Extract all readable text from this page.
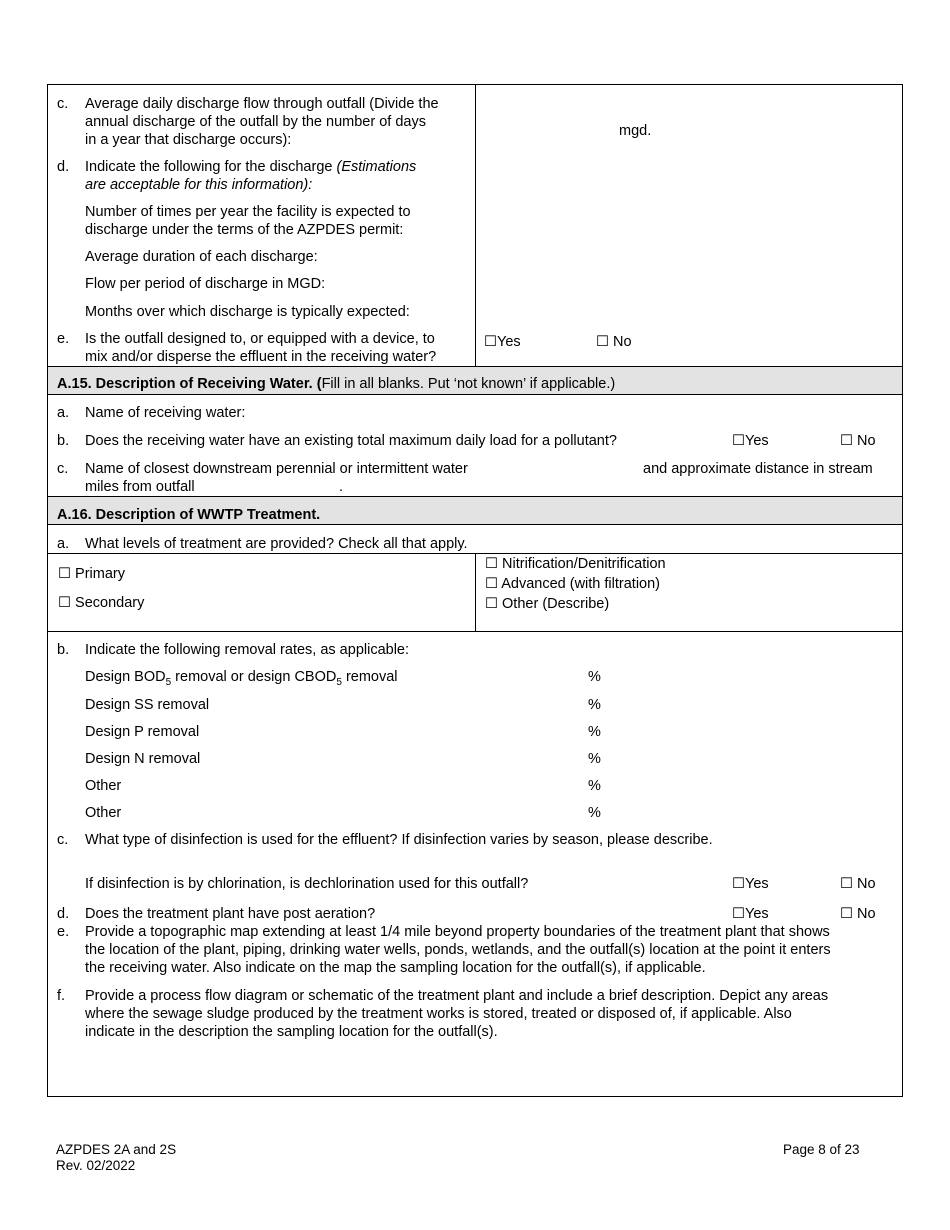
c. Average daily discharge flow through outfall (Divide the
annual discharge of the outfall by the number of days
in a year that discharge occurs):
mgd.
d. Indicate the following for the discharge (Estimations
are acceptable for this information):
Number of times per year the facility is expected to
discharge under the terms of the AZPDES permit:
Average duration of each discharge:
Flow per period of discharge in MGD:
Months over which discharge is typically expected:
e. Is the outfall designed to, or equipped with a device, to
mix and/or disperse the effluent in the receiving water?
☐Yes	☐ No
A.15. Description of Receiving Water. (Fill in all blanks. Put ‘not known’ if applicable.)
a. Name of receiving water:
b. Does the receiving water have an existing total maximum daily load for a pollutant?	☐Yes	☐ No
c. Name of closest downstream perennial or intermittent water	and approximate distance in stream
miles from outfall	.
A.16. Description of WWTP Treatment.
a. What levels of treatment are provided? Check all that apply.
☐ Primary
☐ Secondary
☐ Nitrification/Denitrification
☐ Advanced (with filtration)
☐ Other (Describe)
b. Indicate the following removal rates, as applicable:
Design $BOD_5$ removal or design $CBOD_5$ removal	%
Design SS removal	%
Design P removal	%
Design N removal	%
Other	%
Other	%
c. What type of disinfection is used for the effluent? If disinfection varies by season, please describe.
If disinfection is by chlorination, is dechlorination used for this outfall?	☐Yes	☐ No
d. Does the treatment plant have post aeration?	☐Yes	☐ No
e. Provide a topographic map extending at least 1/4 mile beyond property boundaries of the treatment plant that shows
the location of the plant, piping, drinking water wells, ponds, wetlands, and the outfall(s) location at the point it enters
the receiving water. Also indicate on the map the sampling location for the outfall(s), if applicable.
f. Provide a process flow diagram or schematic of the treatment plant and include a brief description. Depict any areas
where the sewage sludge produced by the treatment works is stored, treated or disposed of, if applicable. Also
indicate in the description the sampling location for the outfall(s).
AZPDES 2A and 2S
Rev. 02/2022
Page 8 of 23
